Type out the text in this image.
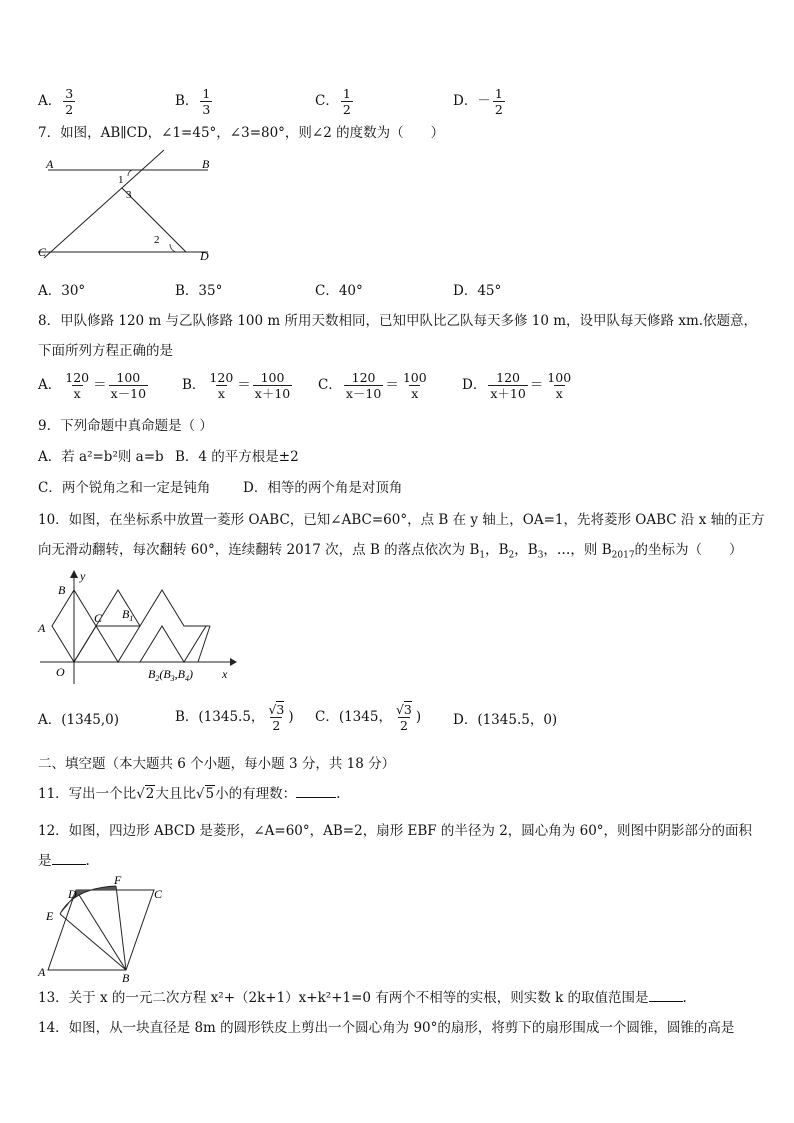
A． $\frac{3}{2}$	B． $\frac{1}{3}$	C． $\frac{1}{2}$	D．－ $\frac{1}{2}$
7．如图，AB∥CD，∠1=45°，∠3=80°，则∠2 的度数为（　　）
A	B
C	D
1
3
2
A．30°	B．35°	C．40°	D．45°
8．甲队修路 120 m 与乙队修路 100 m 所用天数相同，已知甲队比乙队每天多修 10 m，设甲队每天修路 xm.依题意，
下面所列方程正确的是
A． $\frac{120}{x} = \frac{100}{x-10}$	B． $\frac{120}{x} = \frac{100}{x+10}$ C． $\frac{120}{x-10} = \frac{100}{x}$ D． $\frac{120}{x+10} = \frac{100}{x}$
9．下列命题中真命题是（ ）
A．若 a²=b²则 a=b B．4 的平方根是±2
C．两个锐角之和一定是钝角 D．相等的两个角是对顶角
10．如图，在坐标系中放置一菱形 OABC，已知∠ABC=60°，点 B 在 y 轴上，OA=1，先将菱形 OABC 沿 x 轴的正方
向无滑动翻转，每次翻转 60°，连续翻转 2017 次，点 B 的落点依次为 $B_1$，$B_2$，$B_3$，…，则 $B_{2017}$的坐标为（　　）
y
x
B
A
O
C $B_1$
$B_2(B_3,B_4)$
A．(1345,0)	B．(1345.5， $\frac{√3}{2}$ ) C．(1345， $\frac{√3}{2}$ ) D．(1345.5，0)
二、填空题（本大题共 6 个小题，每小题 3 分，共 18 分）
11．写出一个比√2大且比√5小的有理数：	.
12．如图，四边形 ABCD 是菱形，∠A=60°，AB=2，扇形 EBF 的半径为 2，圆心角为 60°，则图中阴影部分的面积
是	.
A	B
C
D
E
F
13．关于 x 的一元二次方程 x²+（2k+1）x+k²+1=0 有两个不相等的实根，则实数 k 的取值范围是	.
14．如图，从一块直径是 8m 的圆形铁皮上剪出一个圆心角为 90°的扇形，将剪下的扇形围成一个圆锥，圆锥的高是
